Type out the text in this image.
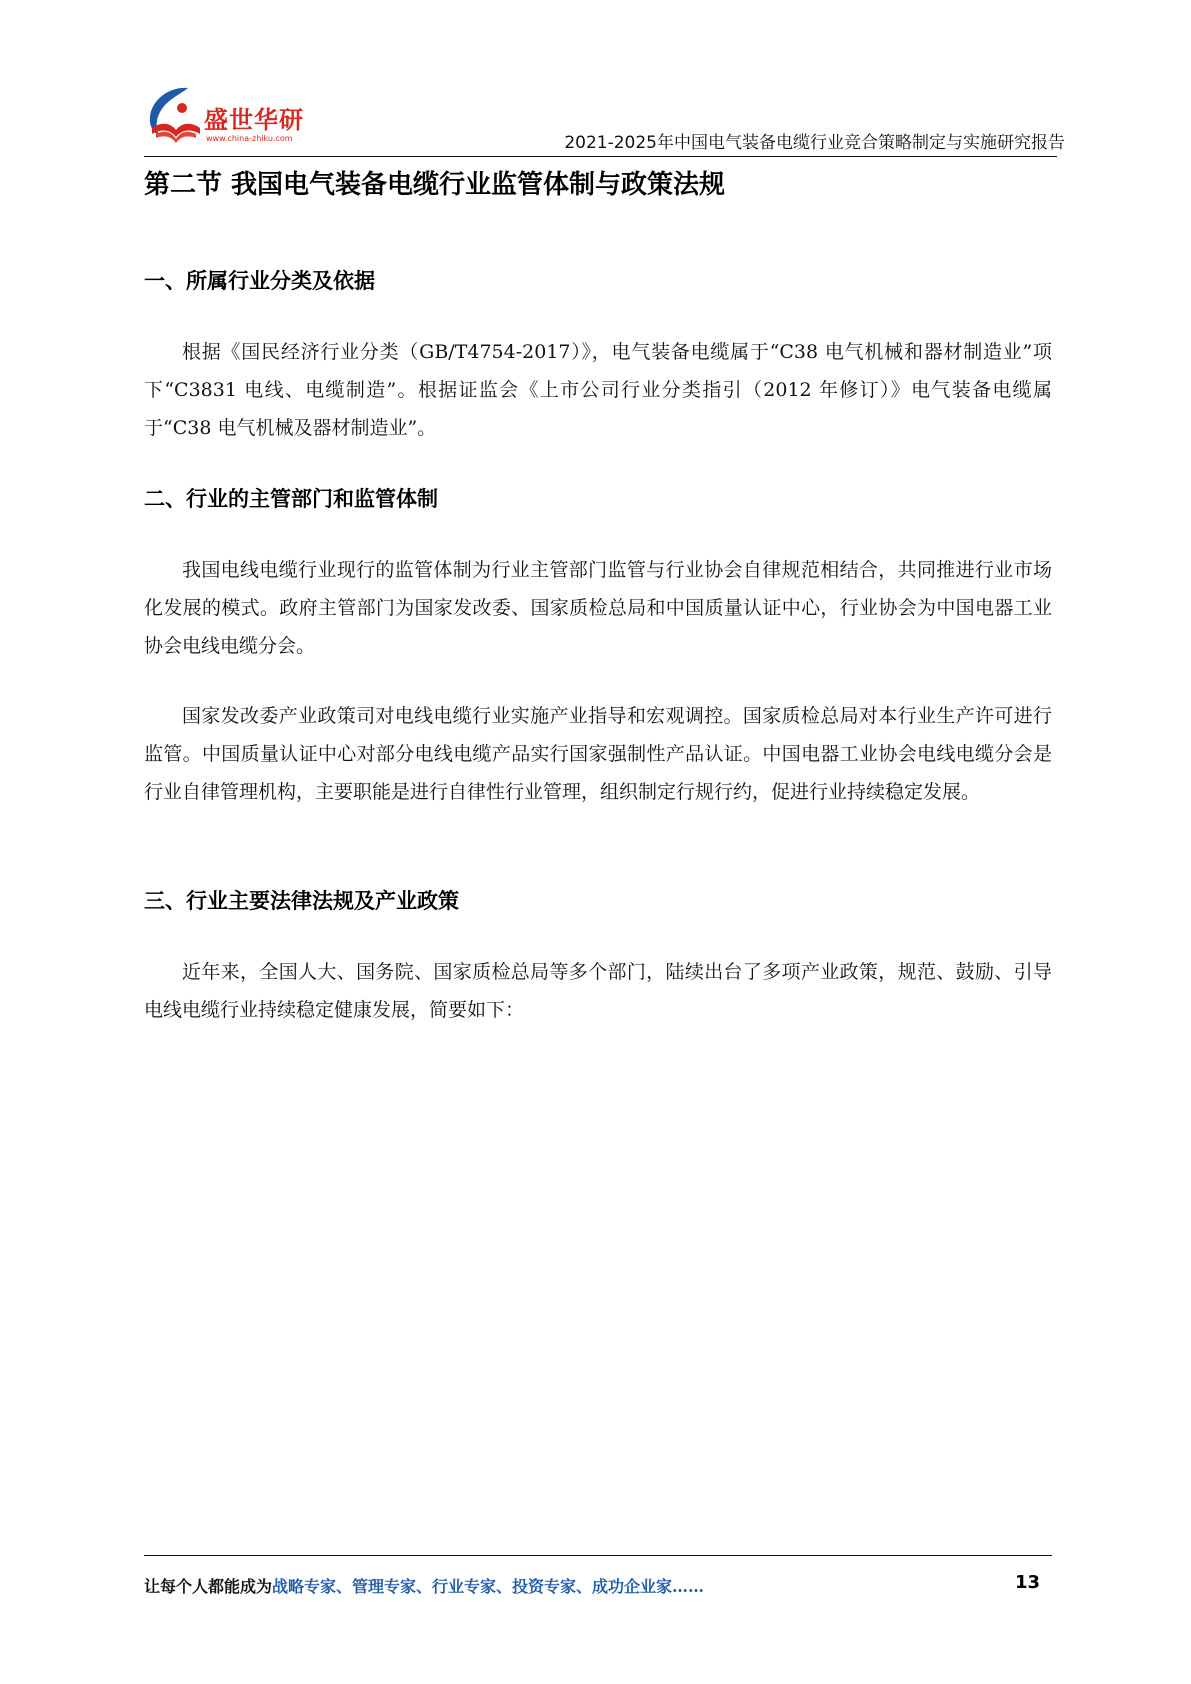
盛世华研
www.china-zhiku.com	2021-2025年中国电气装备电缆行业竞合策略制定与实施研究报告
第二节 我国电气装备电缆行业监管体制与政策法规
一、所属行业分类及依据

根据《国民经济行业分类（GB/T4754-2017）》，电气装备电缆属于“C38 电气机械和器材制造业”项下“C3831 电线、电缆制造”。根据证监会《上市公司行业分类指引（2012 年修订）》电气装备电缆属于“C38 电气机械及器材制造业”。

二、行业的主管部门和监管体制

我国电线电缆行业现行的监管体制为行业主管部门监管与行业协会自律规范相结合，共同推进行业市场化发展的模式。政府主管部门为国家发改委、国家质检总局和中国质量认证中心，行业协会为中国电器工业协会电线电缆分会。

国家发改委产业政策司对电线电缆行业实施产业指导和宏观调控。国家质检总局对本行业生产许可进行监管。中国质量认证中心对部分电线电缆产品实行国家强制性产品认证。中国电器工业协会电线电缆分会是行业自律管理机构，主要职能是进行自律性行业管理，组织制定行规行约，促进行业持续稳定发展。

三、行业主要法律法规及产业政策

近年来，全国人大、国务院、国家质检总局等多个部门，陆续出台了多项产业政策，规范、鼓励、引导电线电缆行业持续稳定健康发展，简要如下：

让每个人都能成为战略专家、管理专家、行业专家、投资专家、成功企业家……	13
